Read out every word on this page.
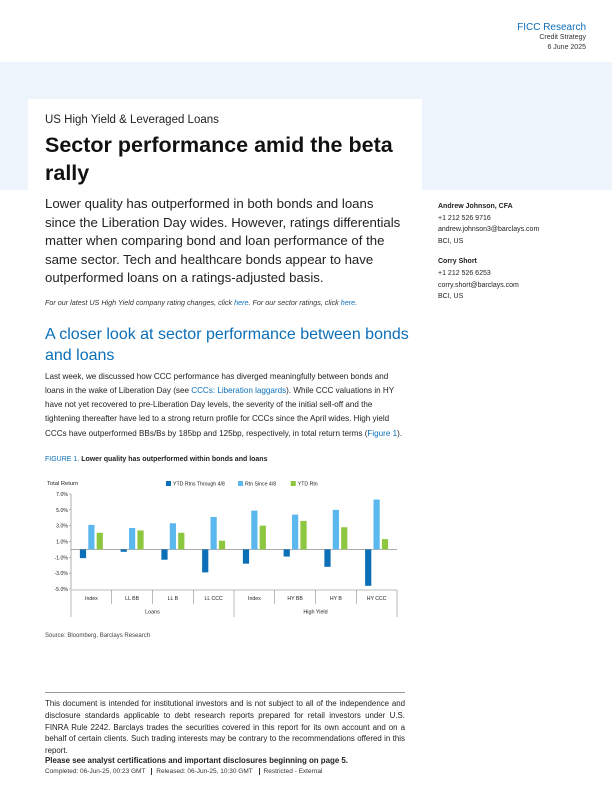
FICC Research
Credit Strategy
6 June 2025
US High Yield & Leveraged Loans
Sector performance amid the beta rally
Lower quality has outperformed in both bonds and loans since the Liberation Day wides. However, ratings differentials matter when comparing bond and loan performance of the same sector. Tech and healthcare bonds appear to have outperformed loans on a ratings-adjusted basis.
For our latest US High Yield company rating changes, click here. For our sector ratings, click here.
A closer look at sector performance between bonds and loans
Last week, we discussed how CCC performance has diverged meaningfully between bonds and loans in the wake of Liberation Day (see CCCs: Liberation laggards). While CCC valuations in HY have not yet recovered to pre-Liberation Day levels, the severity of the initial sell-off and the tightening thereafter have led to a strong return profile for CCCs since the April wides. High yield CCCs have outperformed BBs/Bs by 185bp and 125bp, respectively, in total return terms (Figure 1).
FIGURE 1. Lower quality has outperformed within bonds and loans
Total Return	YTD Rtns Through 4/8	Rtn Since 4/8	YTD Rtn
7.0%
5.0%
3.0%
1.0%
-1.0%
-3.0%
-5.0%
Index	LL BB	LL B	LL CCC	Index	HY BB	HY B	HY CCC
Loans	High Yield
Source: Bloomberg, Barclays Research
Andrew Johnson, CFA
+1 212 526 9716
andrew.johnson3@barclays.com
BCI, US
Corry Short
+1 212 526 6253
corry.short@barclays.com
BCI, US
This document is intended for institutional investors and is not subject to all of the independence and disclosure standards applicable to debt research reports prepared for retail investors under U.S. FINRA Rule 2242. Barclays trades the securities covered in this report for its own account and on a behalf of certain clients. Such trading interests may be contrary to the recommendations offered in this report.
Please see analyst certifications and important disclosures beginning on page 5.
Completed: 06-Jun-25, 00:23 GMT Released: 06-Jun-25, 10:30 GMT Restricted - External
